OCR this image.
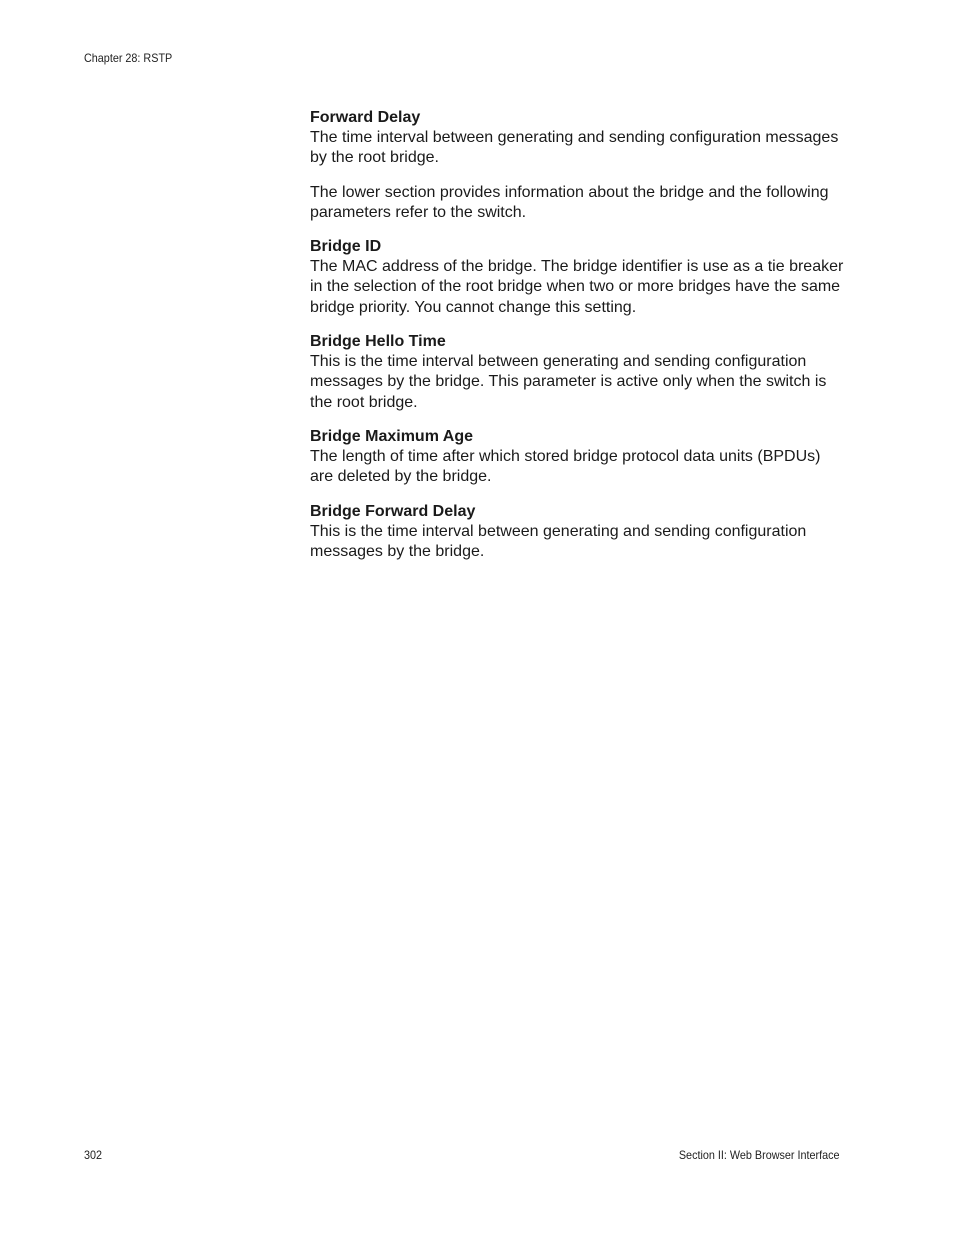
Chapter 28: RSTP
Forward Delay

The time interval between generating and sending configuration messages by the root bridge.

The lower section provides information about the bridge and the following parameters refer to the switch.

Bridge ID

The MAC address of the bridge. The bridge identifier is use as a tie breaker in the selection of the root bridge when two or more bridges have the same bridge priority. You cannot change this setting.

Bridge Hello Time

This is the time interval between generating and sending configuration messages by the bridge. This parameter is active only when the switch is the root bridge.

Bridge Maximum Age

The length of time after which stored bridge protocol data units (BPDUs) are deleted by the bridge.

Bridge Forward Delay

This is the time interval between generating and sending configuration messages by the bridge.

302	Section II: Web Browser Interface
